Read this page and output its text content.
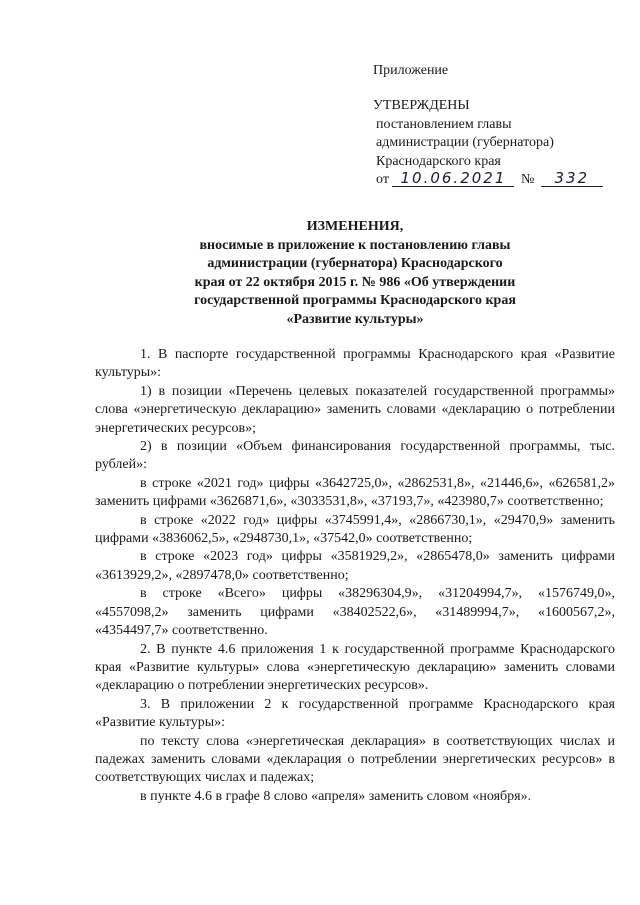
Приложение

УТВЕРЖДЕНЫ

постановлением главы

администрации (губернатора)

Краснодарского края

от 10.06.2021 № 332

ИЗМЕНЕНИЯ,
вносимые в приложение к постановлению главы
администрации (губернатора) Краснодарского
края от 22 октября 2015 г. № 986 «Об утверждении
государственной программы Краснодарского края
«Развитие культуры»

1. В паспорте государственной программы Краснодарского края «Развитие культуры»:

1) в позиции «Перечень целевых показателей государственной программы» слова «энергетическую декларацию» заменить словами «декларацию о потреблении энергетических ресурсов»;

2) в позиции «Объем финансирования государственной программы, тыс. рублей»:

в строке «2021 год» цифры «3642725,0», «2862531,8», «21446,6», «626581,2» заменить цифрами «3626871,6», «3033531,8», «37193,7», «423980,7» соответственно;

в строке «2022 год» цифры «3745991,4», «2866730,1», «29470,9» заменить цифрами «3836062,5», «2948730,1», «37542,0» соответственно;

в строке «2023 год» цифры «3581929,2», «2865478,0» заменить цифрами «3613929,2», «2897478,0» соответственно;

в строке «Всего» цифры «38296304,9», «31204994,7», «1576749,0», «4557098,2» заменить цифрами «38402522,6», «31489994,7», «1600567,2», «4354497,7» соответственно.

2. В пункте 4.6 приложения 1 к государственной программе Краснодарского края «Развитие культуры» слова «энергетическую декларацию» заменить словами «декларацию о потреблении энергетических ресурсов».

3. В приложении 2 к государственной программе Краснодарского края «Развитие культуры»:

по тексту слова «энергетическая декларация» в соответствующих числах и падежах заменить словами «декларация о потреблении энергетических ресурсов» в соответствующих числах и падежах;

в пункте 4.6 в графе 8 слово «апреля» заменить словом «ноября».
